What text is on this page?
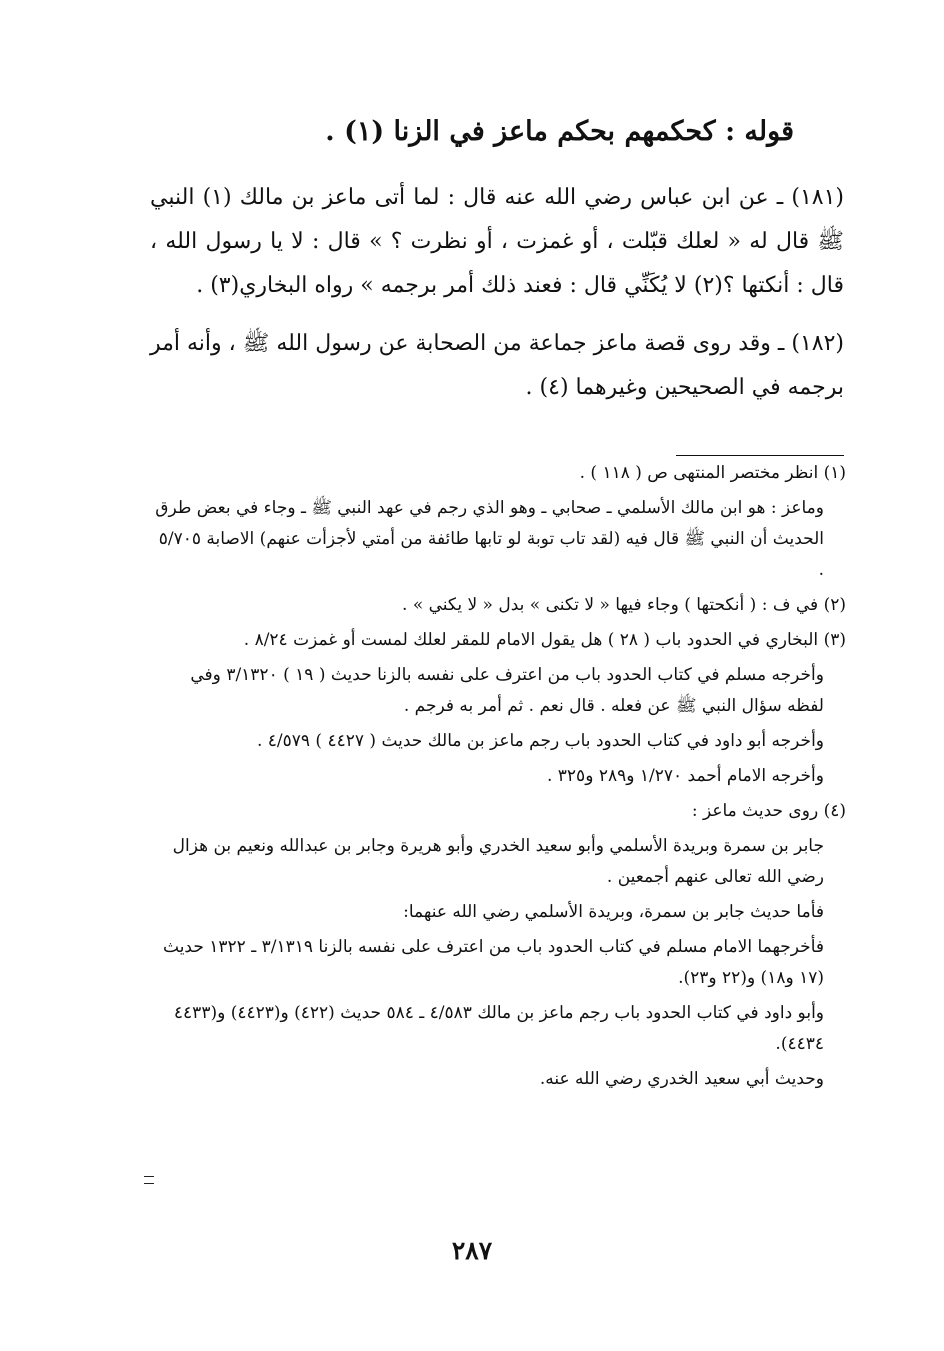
قوله : كحكمهم بحكم ماعز في الزنا (١) .

(١٨١) ـ عن ابن عباس رضي الله عنه قال : لما أتى ماعز بن مالك (١) النبي ﷺ قال له « لعلك قبّلت ، أو غمزت ، أو نظرت ؟ » قال : لا يا رسول الله ، قال : أنكتها ؟(٢) لا يُكَنِّي قال : فعند ذلك أمر برجمه » رواه البخاري(٣) .

(١٨٢) ـ وقد روى قصة ماعز جماعة من الصحابة عن رسول الله ﷺ ، وأنه أمر برجمه في الصحيحين وغيرهما (٤) .

(١) انظر مختصر المنتهى ص ( ١١٨ ) .
وماعز : هو ابن مالك الأسلمي ـ صحابي ـ وهو الذي رجم في عهد النبي ﷺ ـ وجاء في بعض طرق الحديث أن النبي ﷺ قال فيه (لقد تاب توبة لو تابها طائفة من أمتي لأجزأت عنهم) الاصابة ٥/٧٠٥ .
(٢) في ف : ( أنكحتها ) وجاء فيها « لا تكنى » بدل « لا يكني » .
(٣) البخاري في الحدود باب ( ٢٨ ) هل يقول الامام للمقر لعلك لمست أو غمزت ٨/٢٤ .
وأخرجه مسلم في كتاب الحدود باب من اعترف على نفسه بالزنا حديث ( ١٩ ) ٣/١٣٢٠ وفي لفظه سؤال النبي ﷺ عن فعله . قال نعم . ثم أمر به فرجم .
وأخرجه أبو داود في كتاب الحدود باب رجم ماعز بن مالك حديث ( ٤٤٢٧ ) ٤/٥٧٩ .
وأخرجه الامام أحمد ١/٢٧٠ و٢٨٩ و٣٢٥ .
(٤) روى حديث ماعز :
جابر بن سمرة وبريدة الأسلمي وأبو سعيد الخدري وأبو هريرة وجابر بن عبدالله ونعيم بن هزال رضي الله تعالى عنهم أجمعين .
فأما حديث جابر بن سمرة، وبريدة الأسلمي رضي الله عنهما:
فأخرجهما الامام مسلم في كتاب الحدود باب من اعترف على نفسه بالزنا ٣/١٣١٩ ـ ١٣٢٢ حديث (١٧ و١٨) و(٢٢ و٢٣).
وأبو داود في كتاب الحدود باب رجم ماعز بن مالك ٤/٥٨٣ ـ ٥٨٤ حديث (٤٢٢) و(٤٤٢٣) و(٤٤٣٣ ٤٤٣٤).
وحديث أبي سعيد الخدري رضي الله عنه.
٢٨٧
